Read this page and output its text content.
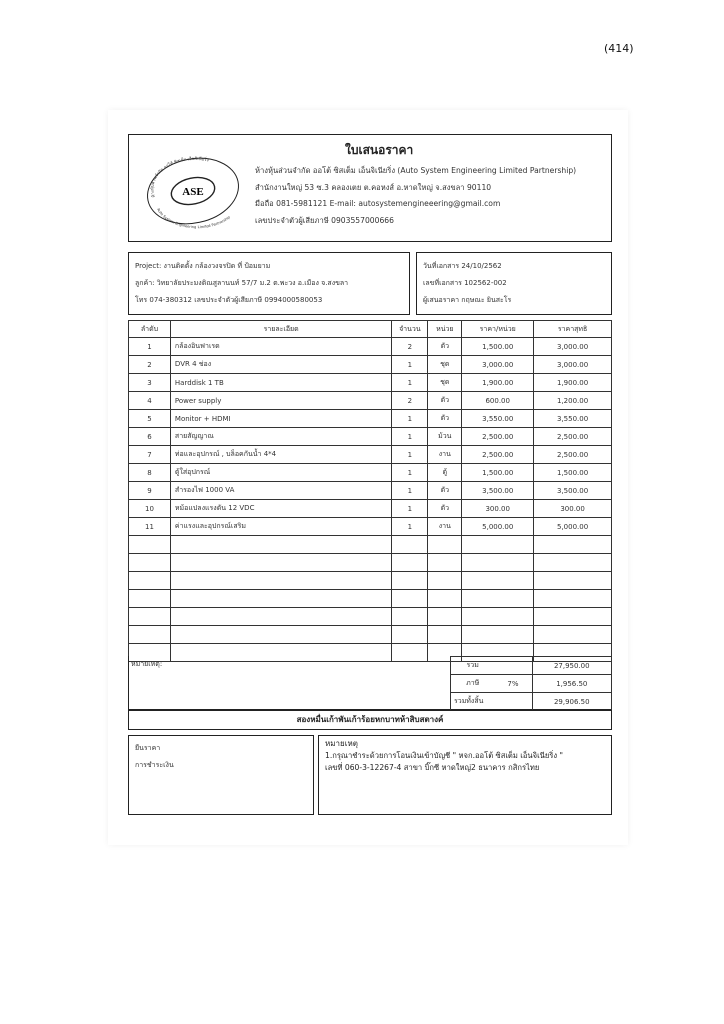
(414)
ใบเสนอราคา
ASE
ห้างหุ้นส่วนจำกัด ออโต้ ซิสเต็ม เอ็นจิเนียริ่ง
Auto System Engineering Limited Partnership
ห้างหุ้นส่วนจำกัด ออโต้ ซิสเต็ม เอ็นจิเนียริ่ง (Auto System Engineering Limited Partnership)
สำนักงานใหญ่ 53 ซ.3 คลองเตย ต.คอหงส์ อ.หาดใหญ่ จ.สงขลา 90110
มือถือ 081-5981121 E-mail: autosystemengineeering@gmail.com
เลขประจำตัวผู้เสียภาษี 0903557000666
Project: งานติดตั้ง กล้องวงจรปิด ที่ ป้อมยาม
ลูกค้า: วิทยาลัยประมงติณสูลานนท์ 57/7 ม.2 ต.พะวง อ.เมือง จ.สงขลา
โทร 074-380312 เลขประจำตัวผู้เสียภาษี 0994000580053
วันที่เอกสาร 24/10/2562
เลขที่เอกสาร 102562-002
ผู้เสนอราคา กฤษณะ ยินสะโร
ลำดับ	รายละเอียด	จำนวน	หน่วย	ราคา/หน่วย	ราคาสุทธิ
1	กล้องอินฟาเรด	2	ตัว	1,500.00	3,000.00
2	DVR 4 ช่อง	1	ชุด	3,000.00	3,000.00
3	Harddisk 1 TB	1	ชุด	1,900.00	1,900.00
4	Power supply	2	ตัว	600.00	1,200.00
5	Monitor + HDMI	1	ตัว	3,550.00	3,550.00
6	สายสัญญาณ	1	ม้วน	2,500.00	2,500.00
7	ท่อและอุปกรณ์ , บล็อคกันน้ำ 4*4	1	งาน	2,500.00	2,500.00
8	ตู้ใส่อุปกรณ์	1	ตู้	1,500.00	1,500.00
9	สำรองไฟ 1000 VA	1	ตัว	3,500.00	3,500.00
10	หม้อแปลงแรงดัน 12 VDC	1	ตัว	300.00	300.00
11	ค่าแรงและอุปกรณ์เสริม	1	งาน	5,000.00	5,000.00

หมายเหตุ:	รวม		27,950.00
ภาษี	7%	1,956.50
รวมทั้งสิ้น		29,906.50
สองหมื่นเก้าพันเก้าร้อยหกบาทห้าสิบสตางค์
ยืนราคา
การชำระเงิน
หมายเหตุ
1.กรุณาชำระด้วยการโอนเงินเข้าบัญชี " หจก.ออโต้ ซิสเต็ม เอ็นจิเนียริ่ง "
เลขที่ 060-3-12267-4 สาขา บิ๊กซี หาดใหญ่2 ธนาคาร กสิกรไทย
